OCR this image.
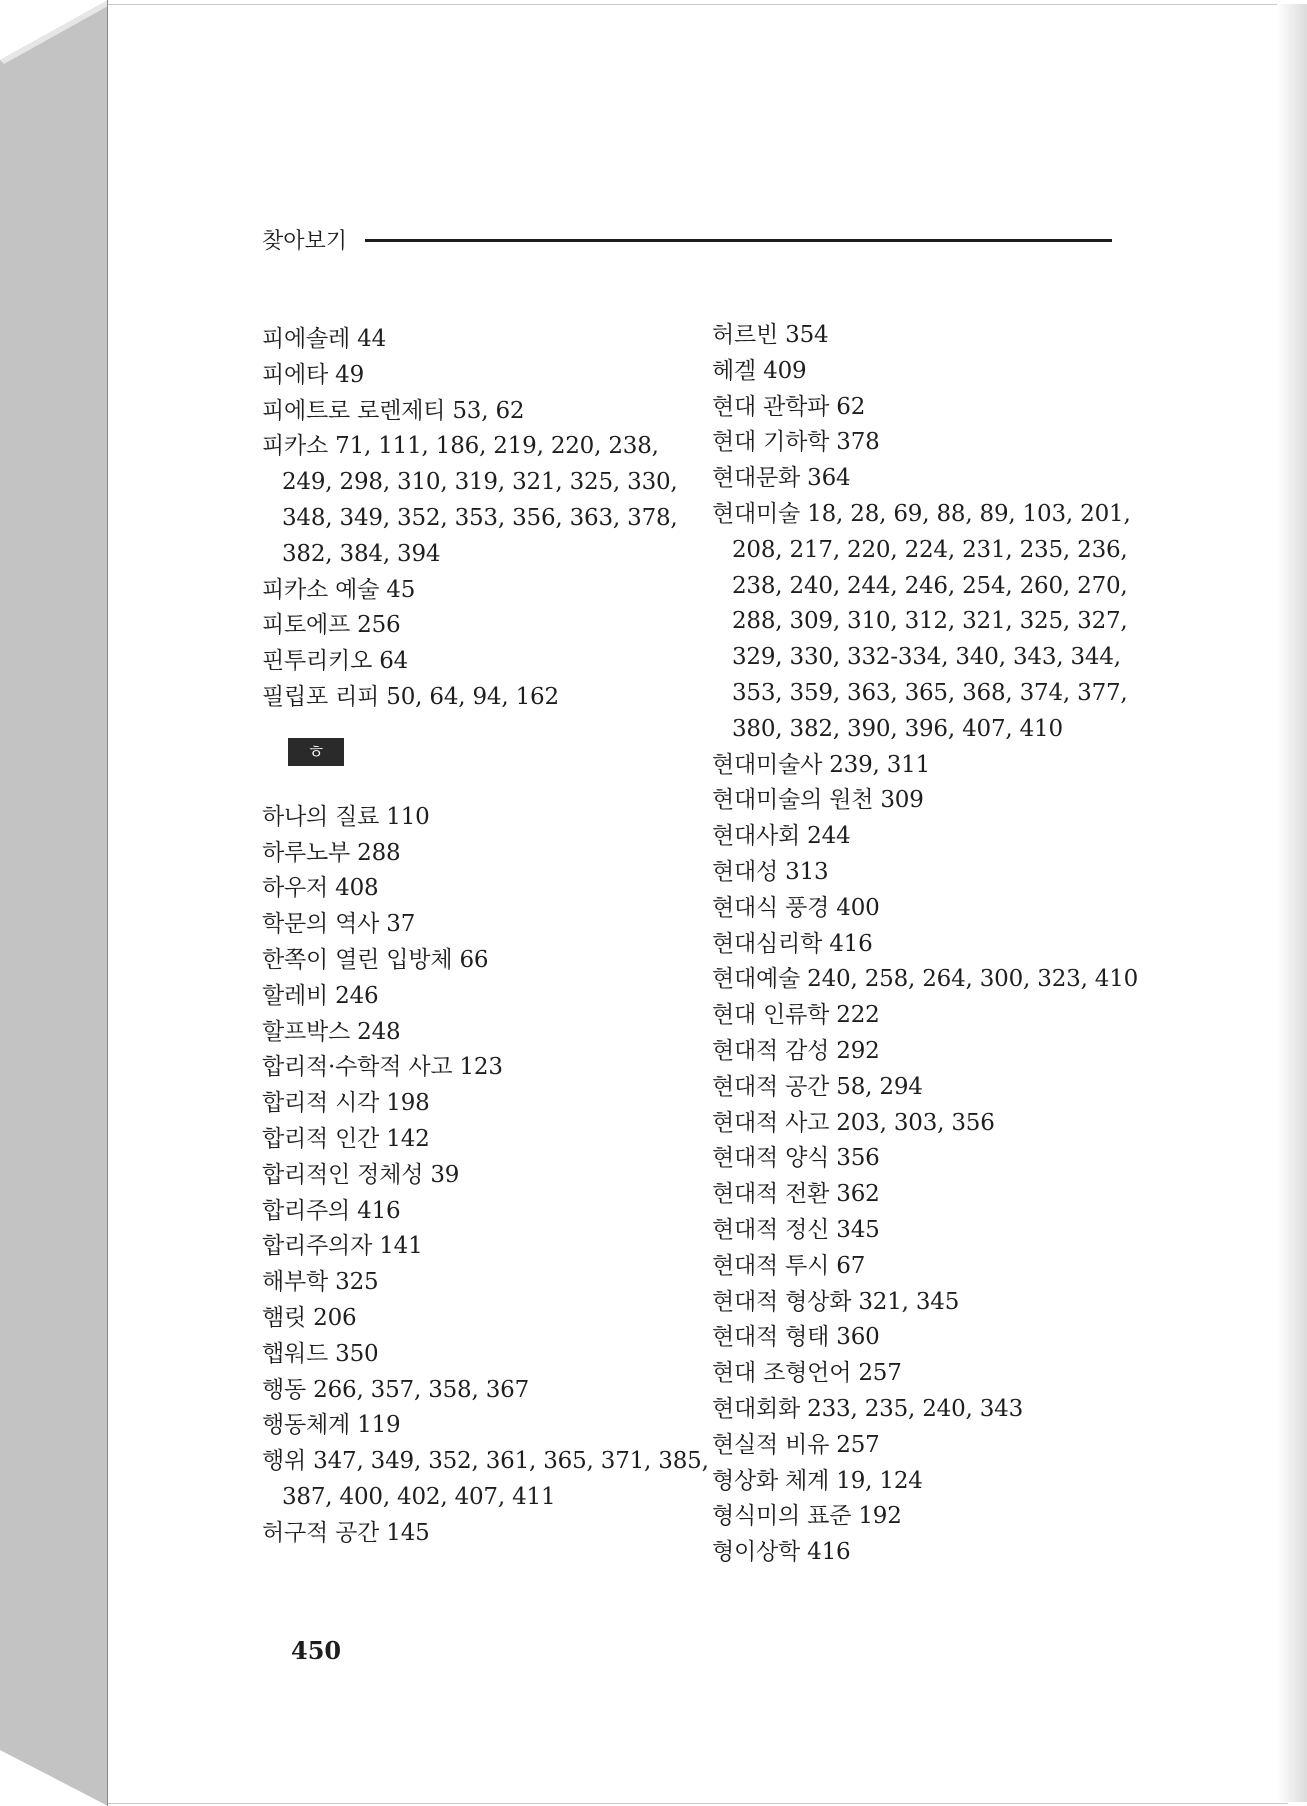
찾아보기
피에솔레 44
피에타 49
피에트로 로렌제티 53, 62
피카소 71, 111, 186, 219, 220, 238,
249, 298, 310, 319, 321, 325, 330,
348, 349, 352, 353, 356, 363, 378,
382, 384, 394
피카소 예술 45
피토에프 256
핀투리키오 64
필립포 리피 50, 64, 94, 162
ㅎ
하나의 질료 110
하루노부 288
하우저 408
학문의 역사 37
한쪽이 열린 입방체 66
할레비 246
할프박스 248
합리적·수학적 사고 123
합리적 시각 198
합리적 인간 142
합리적인 정체성 39
합리주의 416
합리주의자 141
해부학 325
햄릿 206
햅워드 350
행동 266, 357, 358, 367
행동체계 119
행위 347, 349, 352, 361, 365, 371, 385,
387, 400, 402, 407, 411
허구적 공간 145
허르빈 354
헤겔 409
현대 관학파 62
현대 기하학 378
현대문화 364
현대미술 18, 28, 69, 88, 89, 103, 201,
208, 217, 220, 224, 231, 235, 236,
238, 240, 244, 246, 254, 260, 270,
288, 309, 310, 312, 321, 325, 327,
329, 330, 332-334, 340, 343, 344,
353, 359, 363, 365, 368, 374, 377,
380, 382, 390, 396, 407, 410
현대미술사 239, 311
현대미술의 원천 309
현대사회 244
현대성 313
현대식 풍경 400
현대심리학 416
현대예술 240, 258, 264, 300, 323, 410
현대 인류학 222
현대적 감성 292
현대적 공간 58, 294
현대적 사고 203, 303, 356
현대적 양식 356
현대적 전환 362
현대적 정신 345
현대적 투시 67
현대적 형상화 321, 345
현대적 형태 360
현대 조형언어 257
현대회화 233, 235, 240, 343
현실적 비유 257
형상화 체계 19, 124
형식미의 표준 192
형이상학 416
450
